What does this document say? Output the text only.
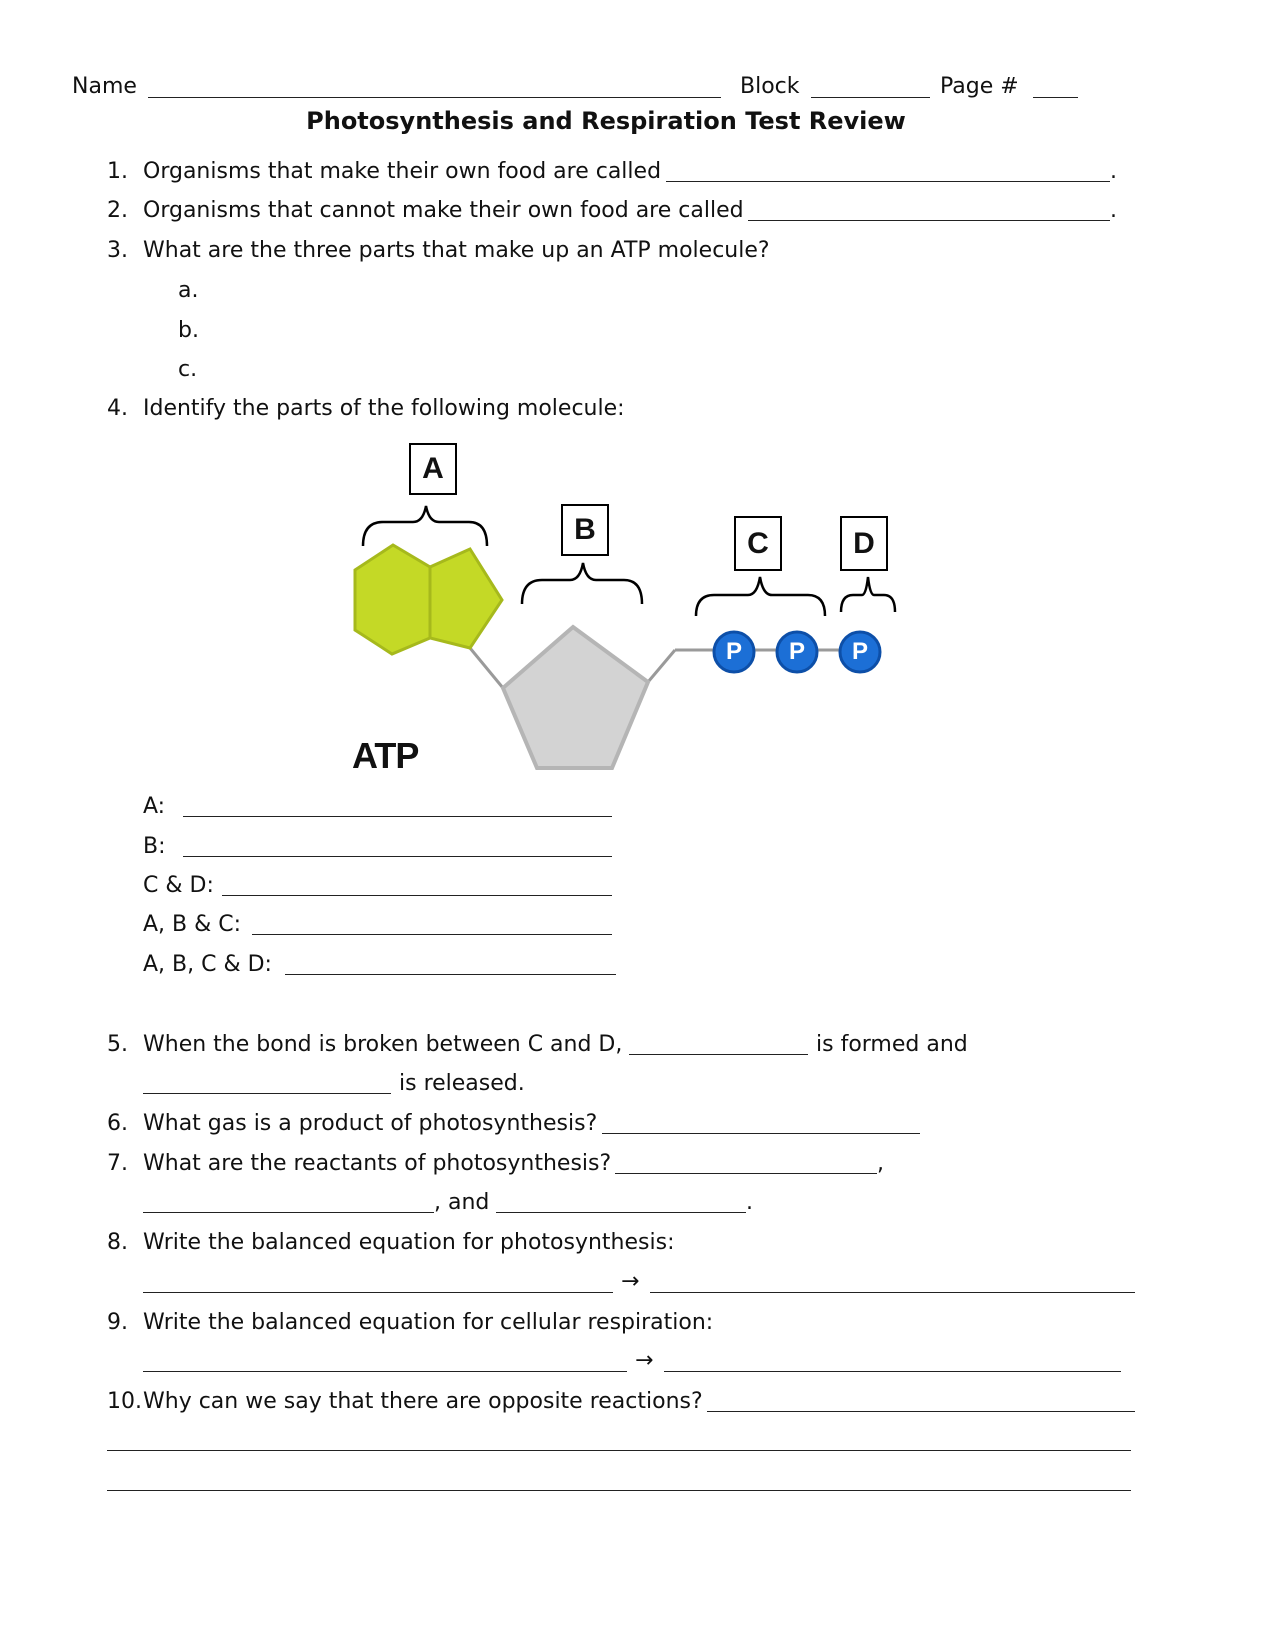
Name	Block	Page #
Photosynthesis and Respiration Test Review
1. Organisms that make their own food are called	.
2. Organisms that cannot make their own food are called	.
3. What are the three parts that make up an ATP molecule?
a.
b.
c.
4. Identify the parts of the following molecule:
A
B	C	D
P P P
ATP
A:
B:
C & D:
A, B & C:
A, B, C & D:
5. When the bond is broken between C and D,	is formed and
is released.
6. What gas is a product of photosynthesis?
7. What are the reactants of photosynthesis?	,
, and	.
8. Write the balanced equation for photosynthesis:
→
9. Write the balanced equation for cellular respiration:
→
10. Why can we say that there are opposite reactions?
